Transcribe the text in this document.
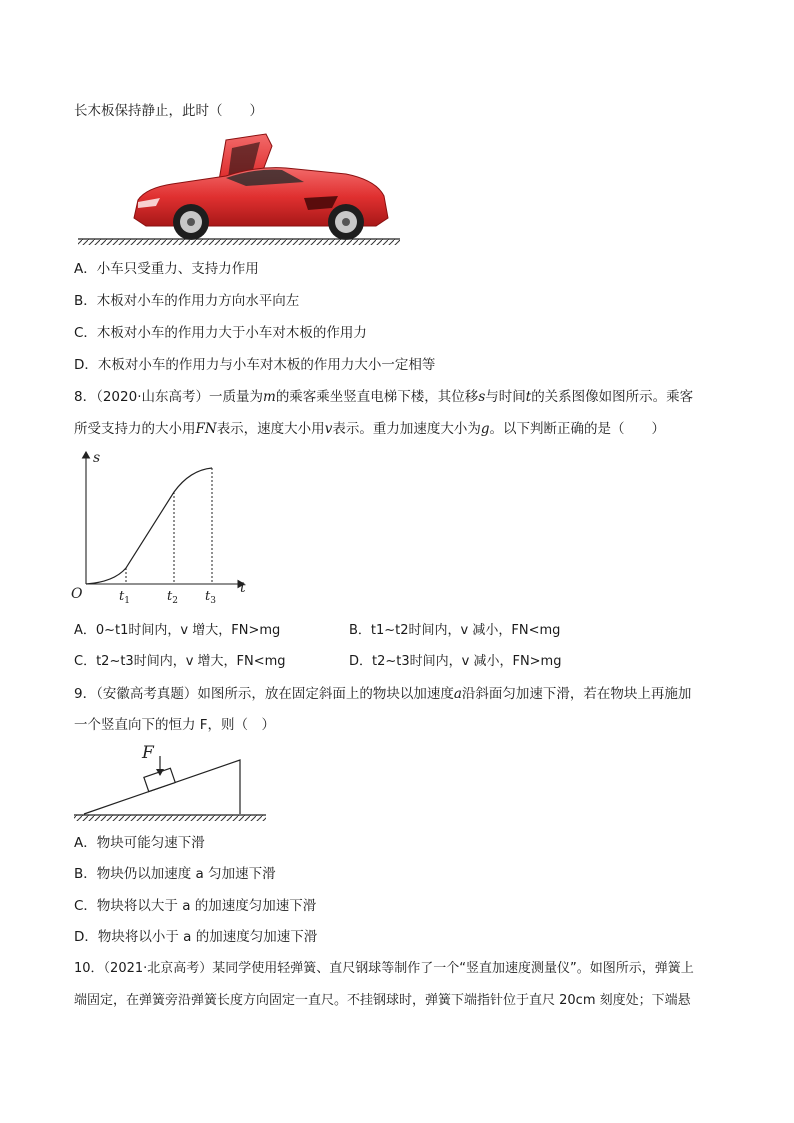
长木板保持静止，此时（　　）
A．小车只受重力、支持力作用
B．木板对小车的作用力方向水平向左
C．木板对小车的作用力大于小车对木板的作用力
D．木板对小车的作用力与小车对木板的作用力大小一定相等
8．（2020·山东高考）一质量为m的乘客乘坐竖直电梯下楼，其位移s与时间t的关系图像如图所示。乘客
所受支持力的大小用FN表示，速度大小用v表示。重力加速度大小为g。以下判断正确的是（　　）
s
t
O	$t_1$	$t_2$ $t_3$
A．0~t1时间内，v 增大，FN>mg	B．t1~t2时间内，v 减小，FN<mg
C．t2~t3时间内，v 增大，FN<mg	D．t2~t3时间内，v 减小，FN>mg
9．（安徽高考真题）如图所示，放在固定斜面上的物块以加速度a沿斜面匀加速下滑，若在物块上再施加
一个竖直向下的恒力 F，则（　）
F
A．物块可能匀速下滑
B．物块仍以加速度 a 匀加速下滑
C．物块将以大于 a 的加速度匀加速下滑
D．物块将以小于 a 的加速度匀加速下滑
10．（2021·北京高考）某同学使用轻弹簧、直尺钢球等制作了一个“竖直加速度测量仪”。如图所示，弹簧上
端固定，在弹簧旁沿弹簧长度方向固定一直尺。不挂钢球时，弹簧下端指针位于直尺 20cm 刻度处；下端悬
